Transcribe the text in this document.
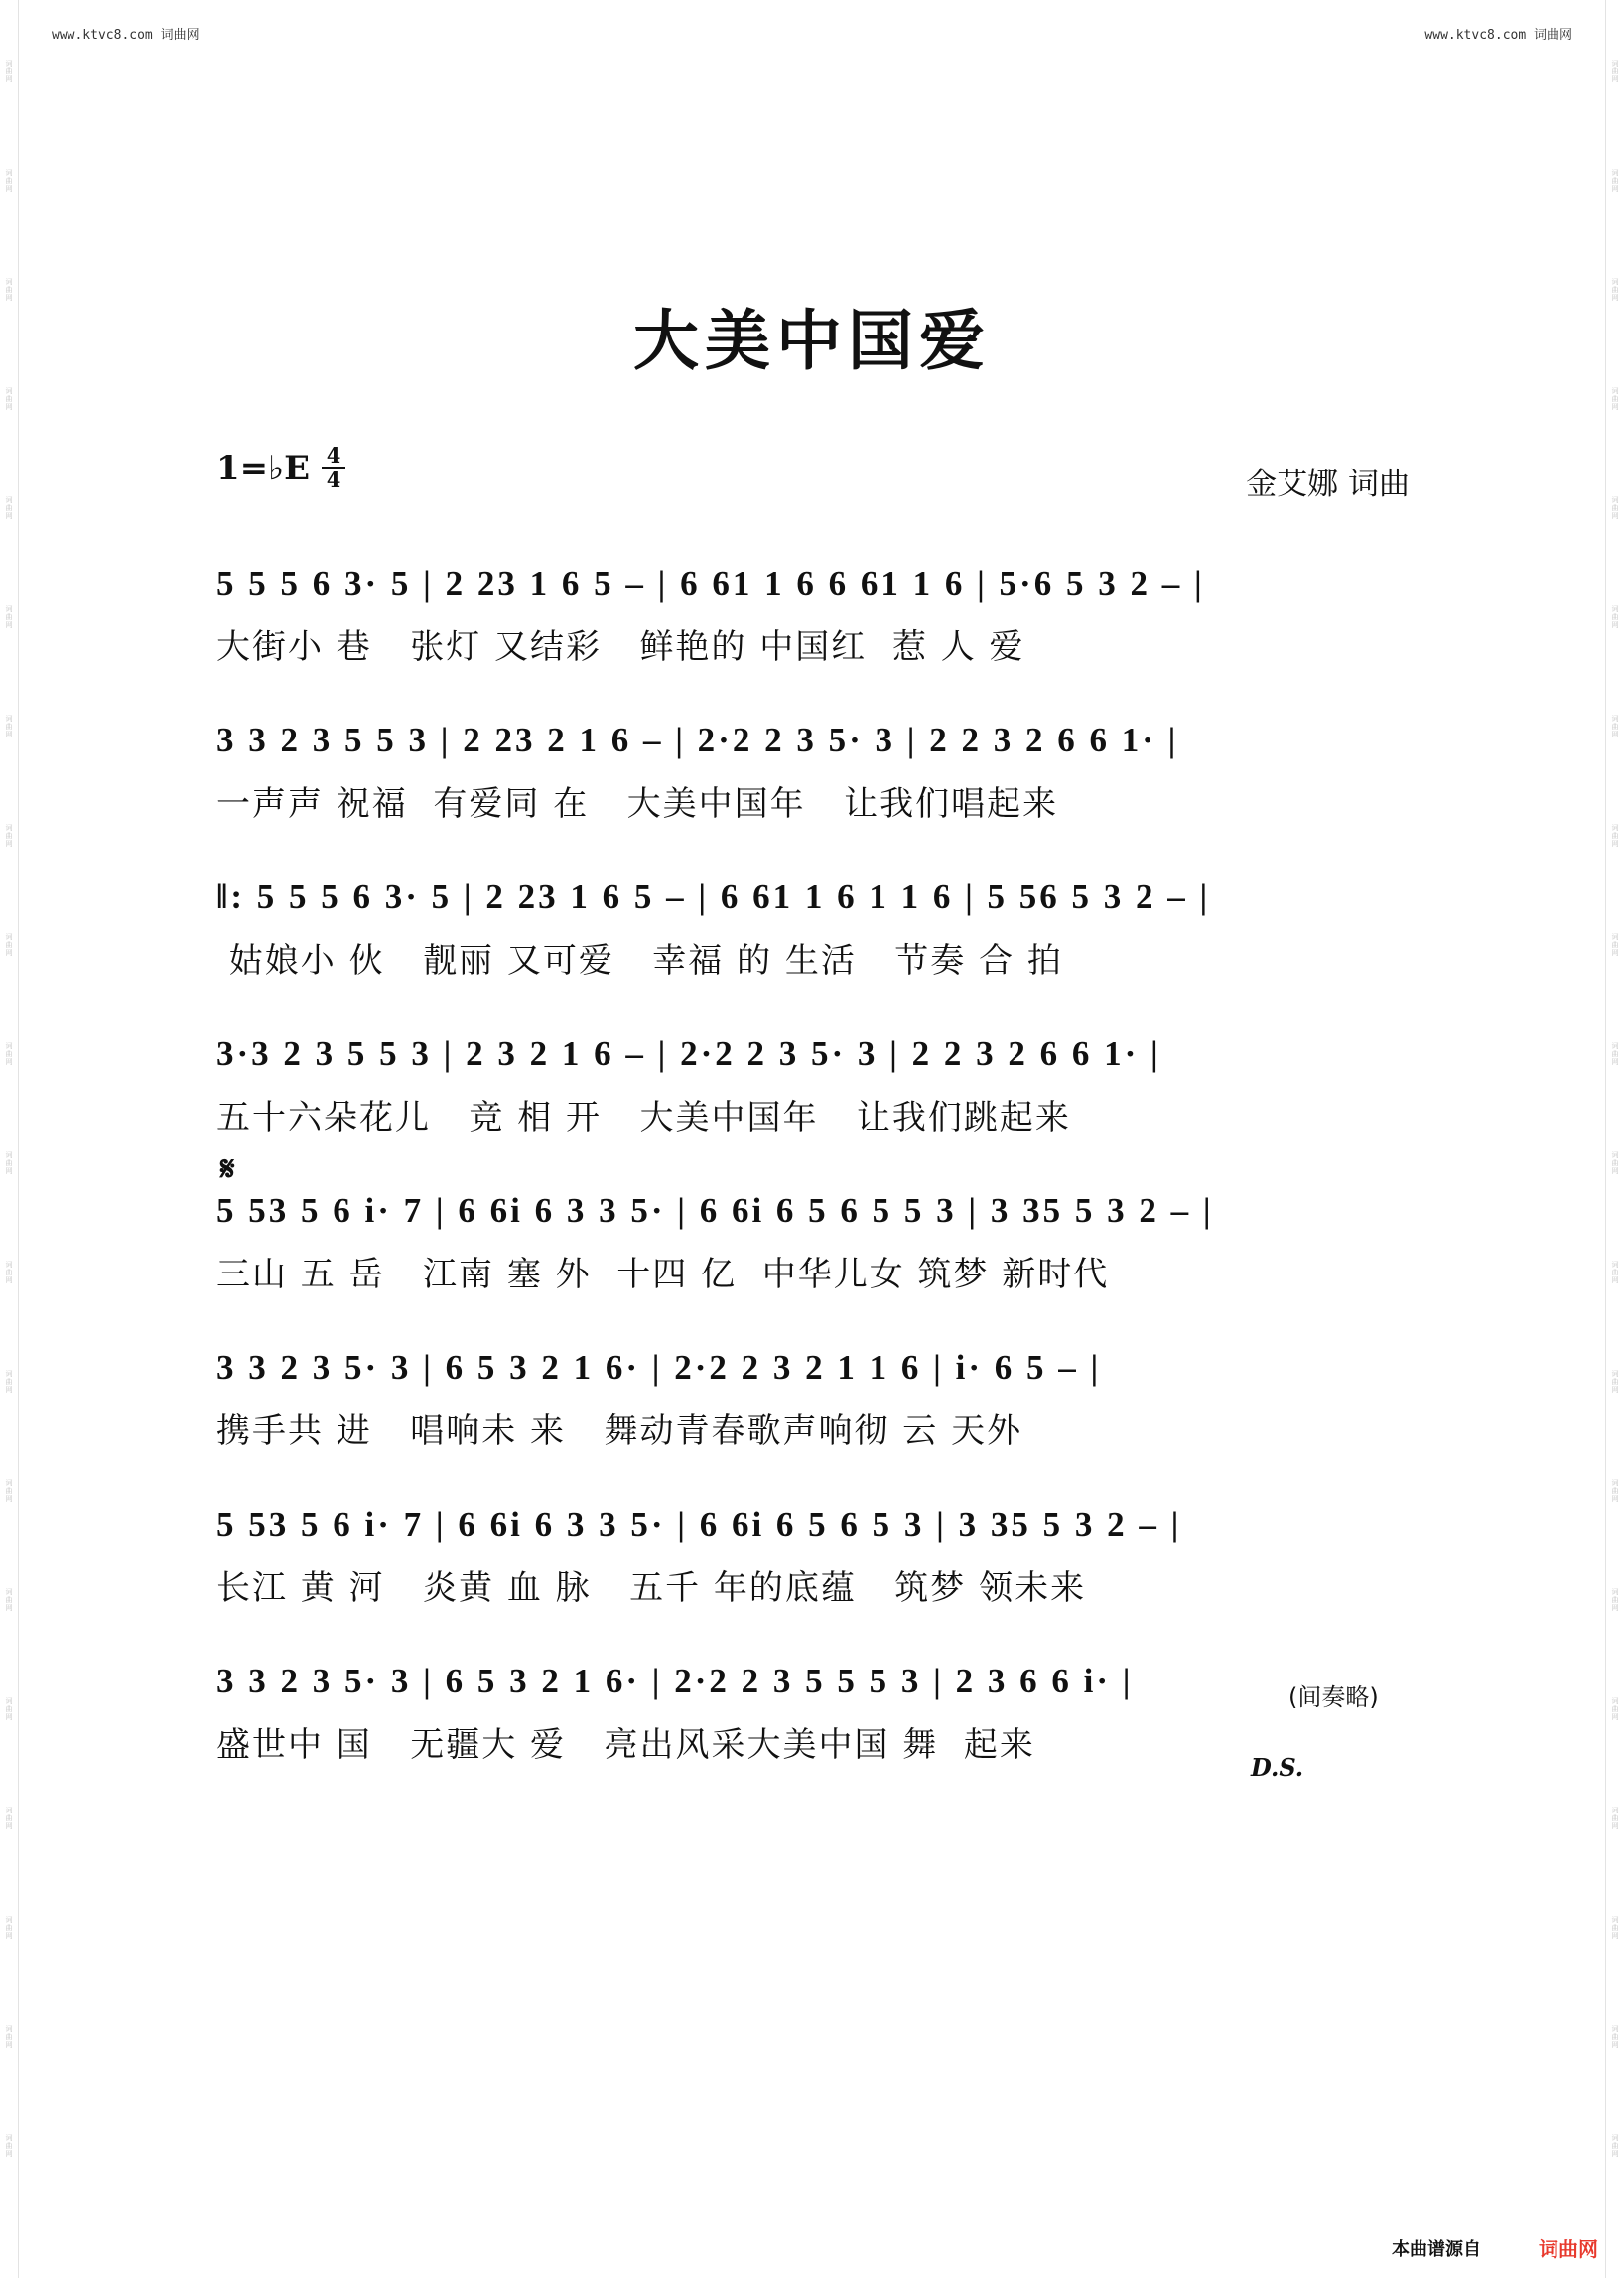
词
曲
网
词
曲
网
词
曲
网
词
曲
网
词
曲
网
词
曲
网
词
曲
网
词
曲
网
词
曲
网
词
曲
网
词
曲
网
词
曲
网
词
曲
网
词
曲
网
词
曲
网
词
曲
网
词
曲
网
词
曲
网
词
曲
网
词
曲
网
词
曲
网
词
曲
网
词
曲
网
词
曲
网
词
曲
网
词
曲
网
词
曲
网
词
曲
网
词
曲
网
词
曲
网
词
曲
网
词
曲
网
词
曲
网
词
曲
网
词
曲
网
词
曲
网
词
曲
网
词
曲
网
词
曲
网
词
曲
网
www.ktvc8.com 词曲网	www.ktvc8.com 词曲网
大美中国爱
1=♭E $\frac{4}{4}$	金艾娜 词曲
𝄋
5 5 5 6 3· 5 | 2 23 1 6 5 – | 6 61 1 6 6 61 1 6 | 5·6 5 3 2 – |
大街小 巷   张灯 又结彩   鲜艳的 中国红  惹 人 爱
3 3 2 3 5 5 3 | 2 23 2 1 6 – | 2·2 2 3 5· 3 | 2 2 3 2 6 6 1· |
一声声 祝福  有爱同 在   大美中国年   让我们唱起来
‖: 5 5 5 6 3· 5 | 2 23 1 6 5 – | 6 61 1 6 1 1 6 | 5 56 5 3 2 – |
姑娘小 伙   靓丽 又可爱   幸福 的 生活   节奏 合 拍
3·3 2 3 5 5 3 | 2 3 2 1 6 – | 2·2 2 3 5· 3 | 2 2 3 2 6 6 1· |
五十六朵花儿   竞 相 开   大美中国年   让我们跳起来
5 53 5 6 i· 7 | 6 6i 6 3 3 5· | 6 6i 6 5 6 5 5 3 | 3 35 5 3 2 – |
三山 五 岳   江南 塞 外  十四 亿  中华儿女 筑梦 新时代
3 3 2 3 5· 3 | 6 5 3 2 1 6· | 2·2 2 3 2 1 1 6 | i· 6 5 – |
携手共 进   唱响未 来   舞动青春歌声响彻 云 天外
5 53 5 6 i· 7 | 6 6i 6 3 3 5· | 6 6i 6 5 6 5 3 | 3 35 5 3 2 – |
长江 黄 河   炎黄 血 脉   五千 年的底蕴   筑梦 领未来
3 3 2 3 5· 3 | 6 5 3 2 1 6· | 2·2 2 3 5 5 5 3 | 2 3 6 6 i· |
盛世中 国   无疆大 爱   亮出风采大美中国 舞  起来
(间奏略)
D.S.
本曲谱源自	词曲网
